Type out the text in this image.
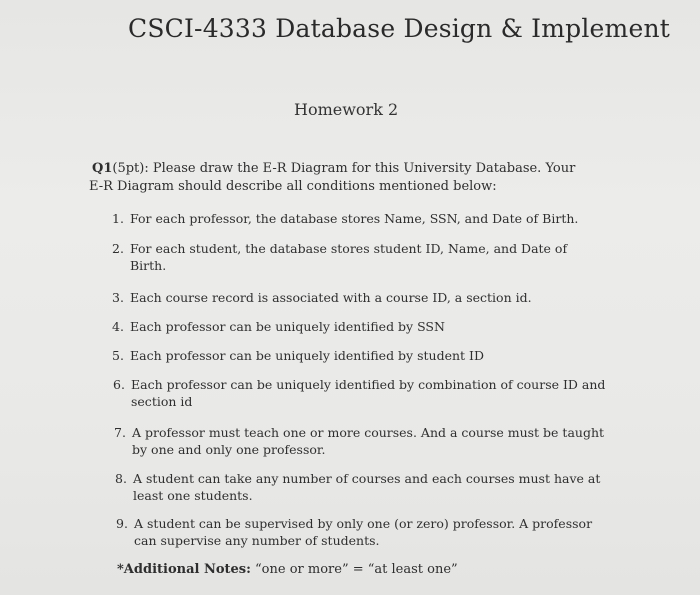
CSCI-4333 Database Design & Implement
Homework 2
Q1(5pt): Please draw the E-R Diagram for this University Database. Your
E-R Diagram should describe all conditions mentioned below:
1. For each professor, the database stores Name, SSN, and Date of Birth.
2. For each student, the database stores student ID, Name, and Date of
Birth.
3. Each course record is associated with a course ID, a section id.
4. Each professor can be uniquely identified by SSN
5. Each professor can be uniquely identified by student ID
6. Each professor can be uniquely identified by combination of course ID and
section id
7. A professor must teach one or more courses. And a course must be taught
by one and only one professor.
8. A student can take any number of courses and each courses must have at
least one students.
9. A student can be supervised by only one (or zero) professor. A professor
can supervise any number of students.
*Additional Notes: “one or more” = “at least one”
